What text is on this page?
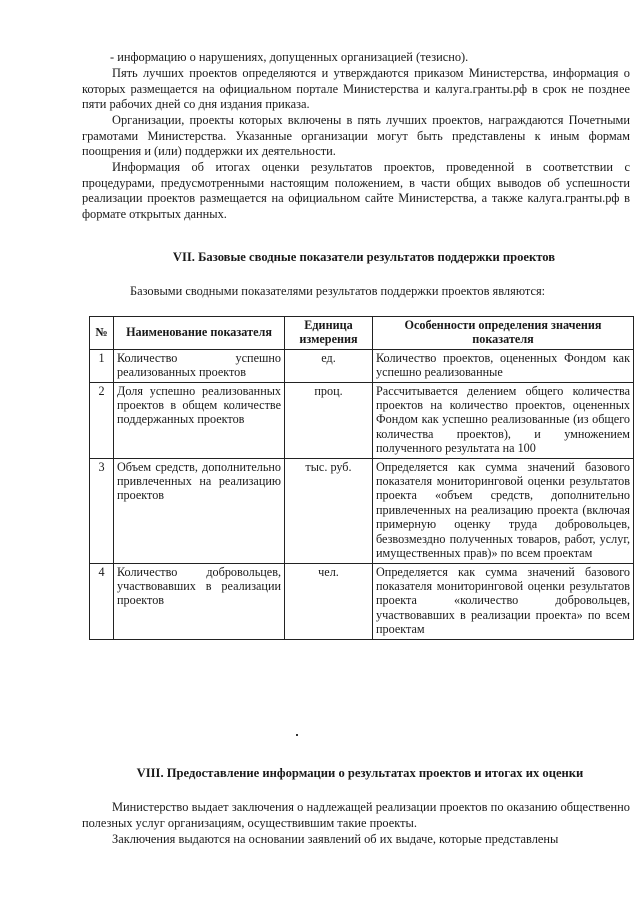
- информацию о нарушениях, допущенных организацией (тезисно).

Пять лучших проектов определяются и утверждаются приказом Министерства, информация о которых размещается на официальном портале Министерства и калуга.гранты.рф в срок не позднее пяти рабочих дней со дня издания приказа.

Организации, проекты которых включены в пять лучших проектов, награждаются Почетными грамотами Министерства. Указанные организации могут быть представлены к иным формам поощрения и (или) поддержки их деятельности.

Информация об итогах оценки результатов проектов, проведенной в соответствии с процедурами, предусмотренными настоящим положением, в части общих выводов об успешности реализации проектов размещается на официальном сайте Министерства, а также калуга.гранты.рф в формате открытых данных.

VII. Базовые сводные показатели результатов поддержки проектов

Базовыми сводными показателями результатов поддержки проектов являются:

№	Наименование показателя	Единица измерения	Особенности определения значения показателя
1	Количество успешно реализованных проектов	ед.	Количество проектов, оцененных Фондом как успешно реализованные
2	Доля успешно реализованных проектов в общем количестве поддержанных проектов	проц.	Рассчитывается делением общего количества проектов на количество проектов, оцененных Фондом как успешно реализованные (из общего количества проектов), и умножением полученного результата на 100
3	Объем средств, дополнительно привлеченных на реализацию проектов	тыс. руб.	Определяется как сумма значений базового показателя мониторинговой оценки результатов проекта «объем средств, дополнительно привлеченных на реализацию проекта (включая примерную оценку труда добровольцев, безвозмездно полученных товаров, работ, услуг, имущественных прав)» по всем проектам
4	Количество добровольцев, участвовавших в реализации проектов	чел.	Определяется как сумма значений базового показателя мониторинговой оценки результатов проекта «количество добровольцев, участвовавших в реализации проекта» по всем проектам

VIII. Предоставление информации о результатах проектов и итогах их оценки

Министерство выдает заключения о надлежащей реализации проектов по оказанию общественно полезных услуг организациям, осуществившим такие проекты.

Заключения выдаются на основании заявлений об их выдаче, которые представлены
